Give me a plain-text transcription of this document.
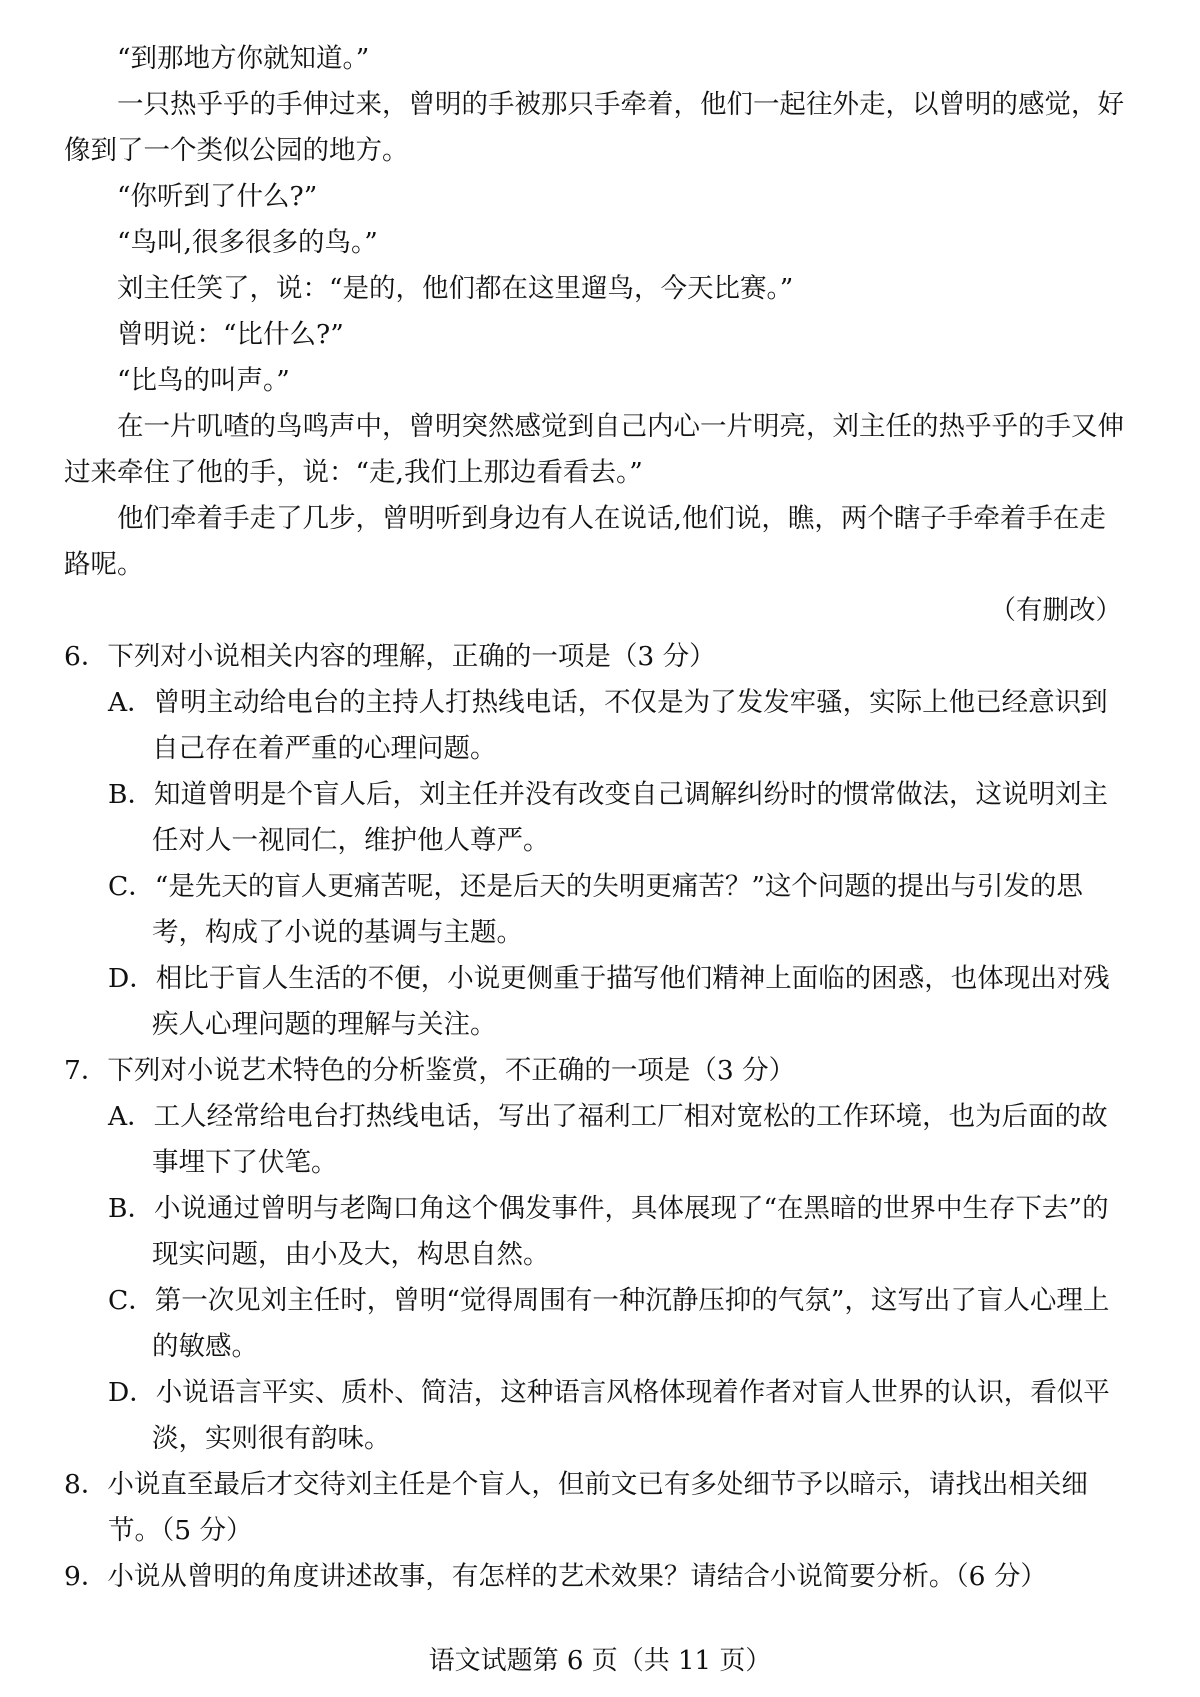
“到那地方你就知道。”

一只热乎乎的手伸过来，曾明的手被那只手牵着，他们一起往外走，以曾明的感觉，好像到了一个类似公园的地方。

“你听到了什么?”

“鸟叫,很多很多的鸟。”

刘主任笑了，说：“是的，他们都在这里遛鸟，今天比赛。”

曾明说：“比什么?”

“比鸟的叫声。”

在一片叽喳的鸟鸣声中，曾明突然感觉到自己内心一片明亮，刘主任的热乎乎的手又伸过来牵住了他的手，说：“走,我们上那边看看去。”

他们牵着手走了几步，曾明听到身边有人在说话,他们说，瞧，两个瞎子手牵着手在走路呢。

（有删改）

6．下列对小说相关内容的理解，正确的一项是（3 分）

A．曾明主动给电台的主持人打热线电话，不仅是为了发发牢骚，实际上他已经意识到自己存在着严重的心理问题。

B．知道曾明是个盲人后，刘主任并没有改变自己调解纠纷时的惯常做法，这说明刘主任对人一视同仁，维护他人尊严。

C．“是先天的盲人更痛苦呢，还是后天的失明更痛苦？”这个问题的提出与引发的思考，构成了小说的基调与主题。

D．相比于盲人生活的不便，小说更侧重于描写他们精神上面临的困惑，也体现出对残疾人心理问题的理解与关注。

7．下列对小说艺术特色的分析鉴赏，不正确的一项是（3 分）

A．工人经常给电台打热线电话，写出了福利工厂相对宽松的工作环境，也为后面的故事埋下了伏笔。

B．小说通过曾明与老陶口角这个偶发事件，具体展现了“在黑暗的世界中生存下去”的现实问题，由小及大，构思自然。

C．第一次见刘主任时，曾明“觉得周围有一种沉静压抑的气氛”，这写出了盲人心理上的敏感。

D．小说语言平实、质朴、简洁，这种语言风格体现着作者对盲人世界的认识，看似平淡，实则很有韵味。

8．小说直至最后才交待刘主任是个盲人，但前文已有多处细节予以暗示，请找出相关细节。（5 分）

9．小说从曾明的角度讲述故事，有怎样的艺术效果？请结合小说简要分析。（6 分）

语文试题第 6 页（共 11 页）
